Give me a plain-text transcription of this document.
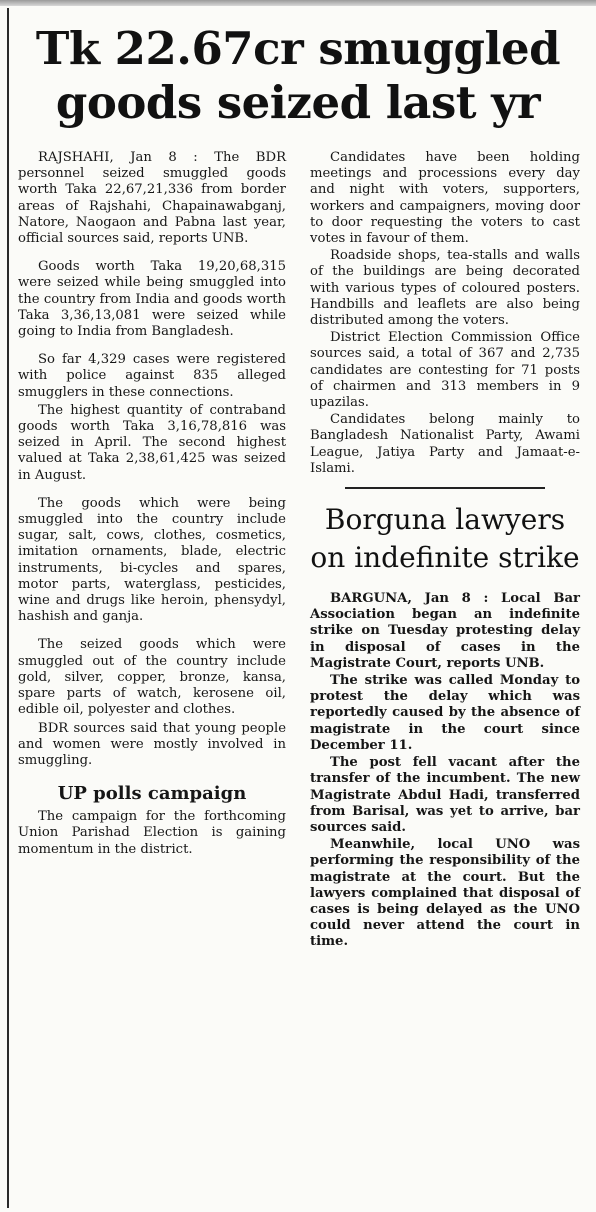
Tk 22.67cr smuggled goods seized last yr

RAJSHAHI, Jan 8 : The BDR personnel seized smuggled goods worth Taka 22,67,21,336 from border areas of Rajshahi, Chapainawabganj, Natore, Naogaon and Pabna last year, official sources said, reports UNB.

Goods worth Taka 19,20,68,315 were seized while being smuggled into the country from India and goods worth Taka 3,36,13,081 were seized while going to India from Bangladesh.

So far 4,329 cases were registered with police against 835 alleged smugglers in these connections.

The highest quantity of contraband goods worth Taka 3,16,78,816 was seized in April. The second highest valued at Taka 2,38,61,425 was seized in August.

The goods which were being smuggled into the country include sugar, salt, cows, clothes, cosmetics, imitation ornaments, blade, electric instruments, bi-cycles and spares, motor parts, waterglass, pesticides, wine and drugs like heroin, phensydyl, hashish and ganja.

The seized goods which were smuggled out of the country include gold, silver, copper, bronze, kansa, spare parts of watch, kerosene oil, edible oil, polyester and clothes.

BDR sources said that young people and women were mostly involved in smuggling.

UP polls campaign

The campaign for the forthcoming Union Parishad Election is gaining momentum in the district.

Candidates have been holding meetings and processions every day and night with voters, supporters, workers and campaigners, moving door to door requesting the voters to cast votes in favour of them.

Roadside shops, tea-stalls and walls of the buildings are being decorated with various types of coloured posters. Handbills and leaflets are also being distributed among the voters.

District Election Commission Office sources said, a total of 367 and 2,735 candidates are contesting for 71 posts of chairmen and 313 members in 9 upazilas.

Candidates belong mainly to Bangladesh Nationalist Party, Awami League, Jatiya Party and Jamaat-e-Islami.

Borguna lawyers on indefinite strike

BARGUNA, Jan 8 : Local Bar Association began an indefinite strike on Tuesday protesting delay in disposal of cases in the Magistrate Court, reports UNB.

The strike was called Monday to protest the delay which was reportedly caused by the absence of magistrate in the court since December 11.

The post fell vacant after the transfer of the incumbent. The new Magistrate Abdul Hadi, transferred from Barisal, was yet to arrive, bar sources said.

Meanwhile, local UNO was performing the responsibility of the magistrate at the court. But the lawyers complained that disposal of cases is being delayed as the UNO could never attend the court in time.
